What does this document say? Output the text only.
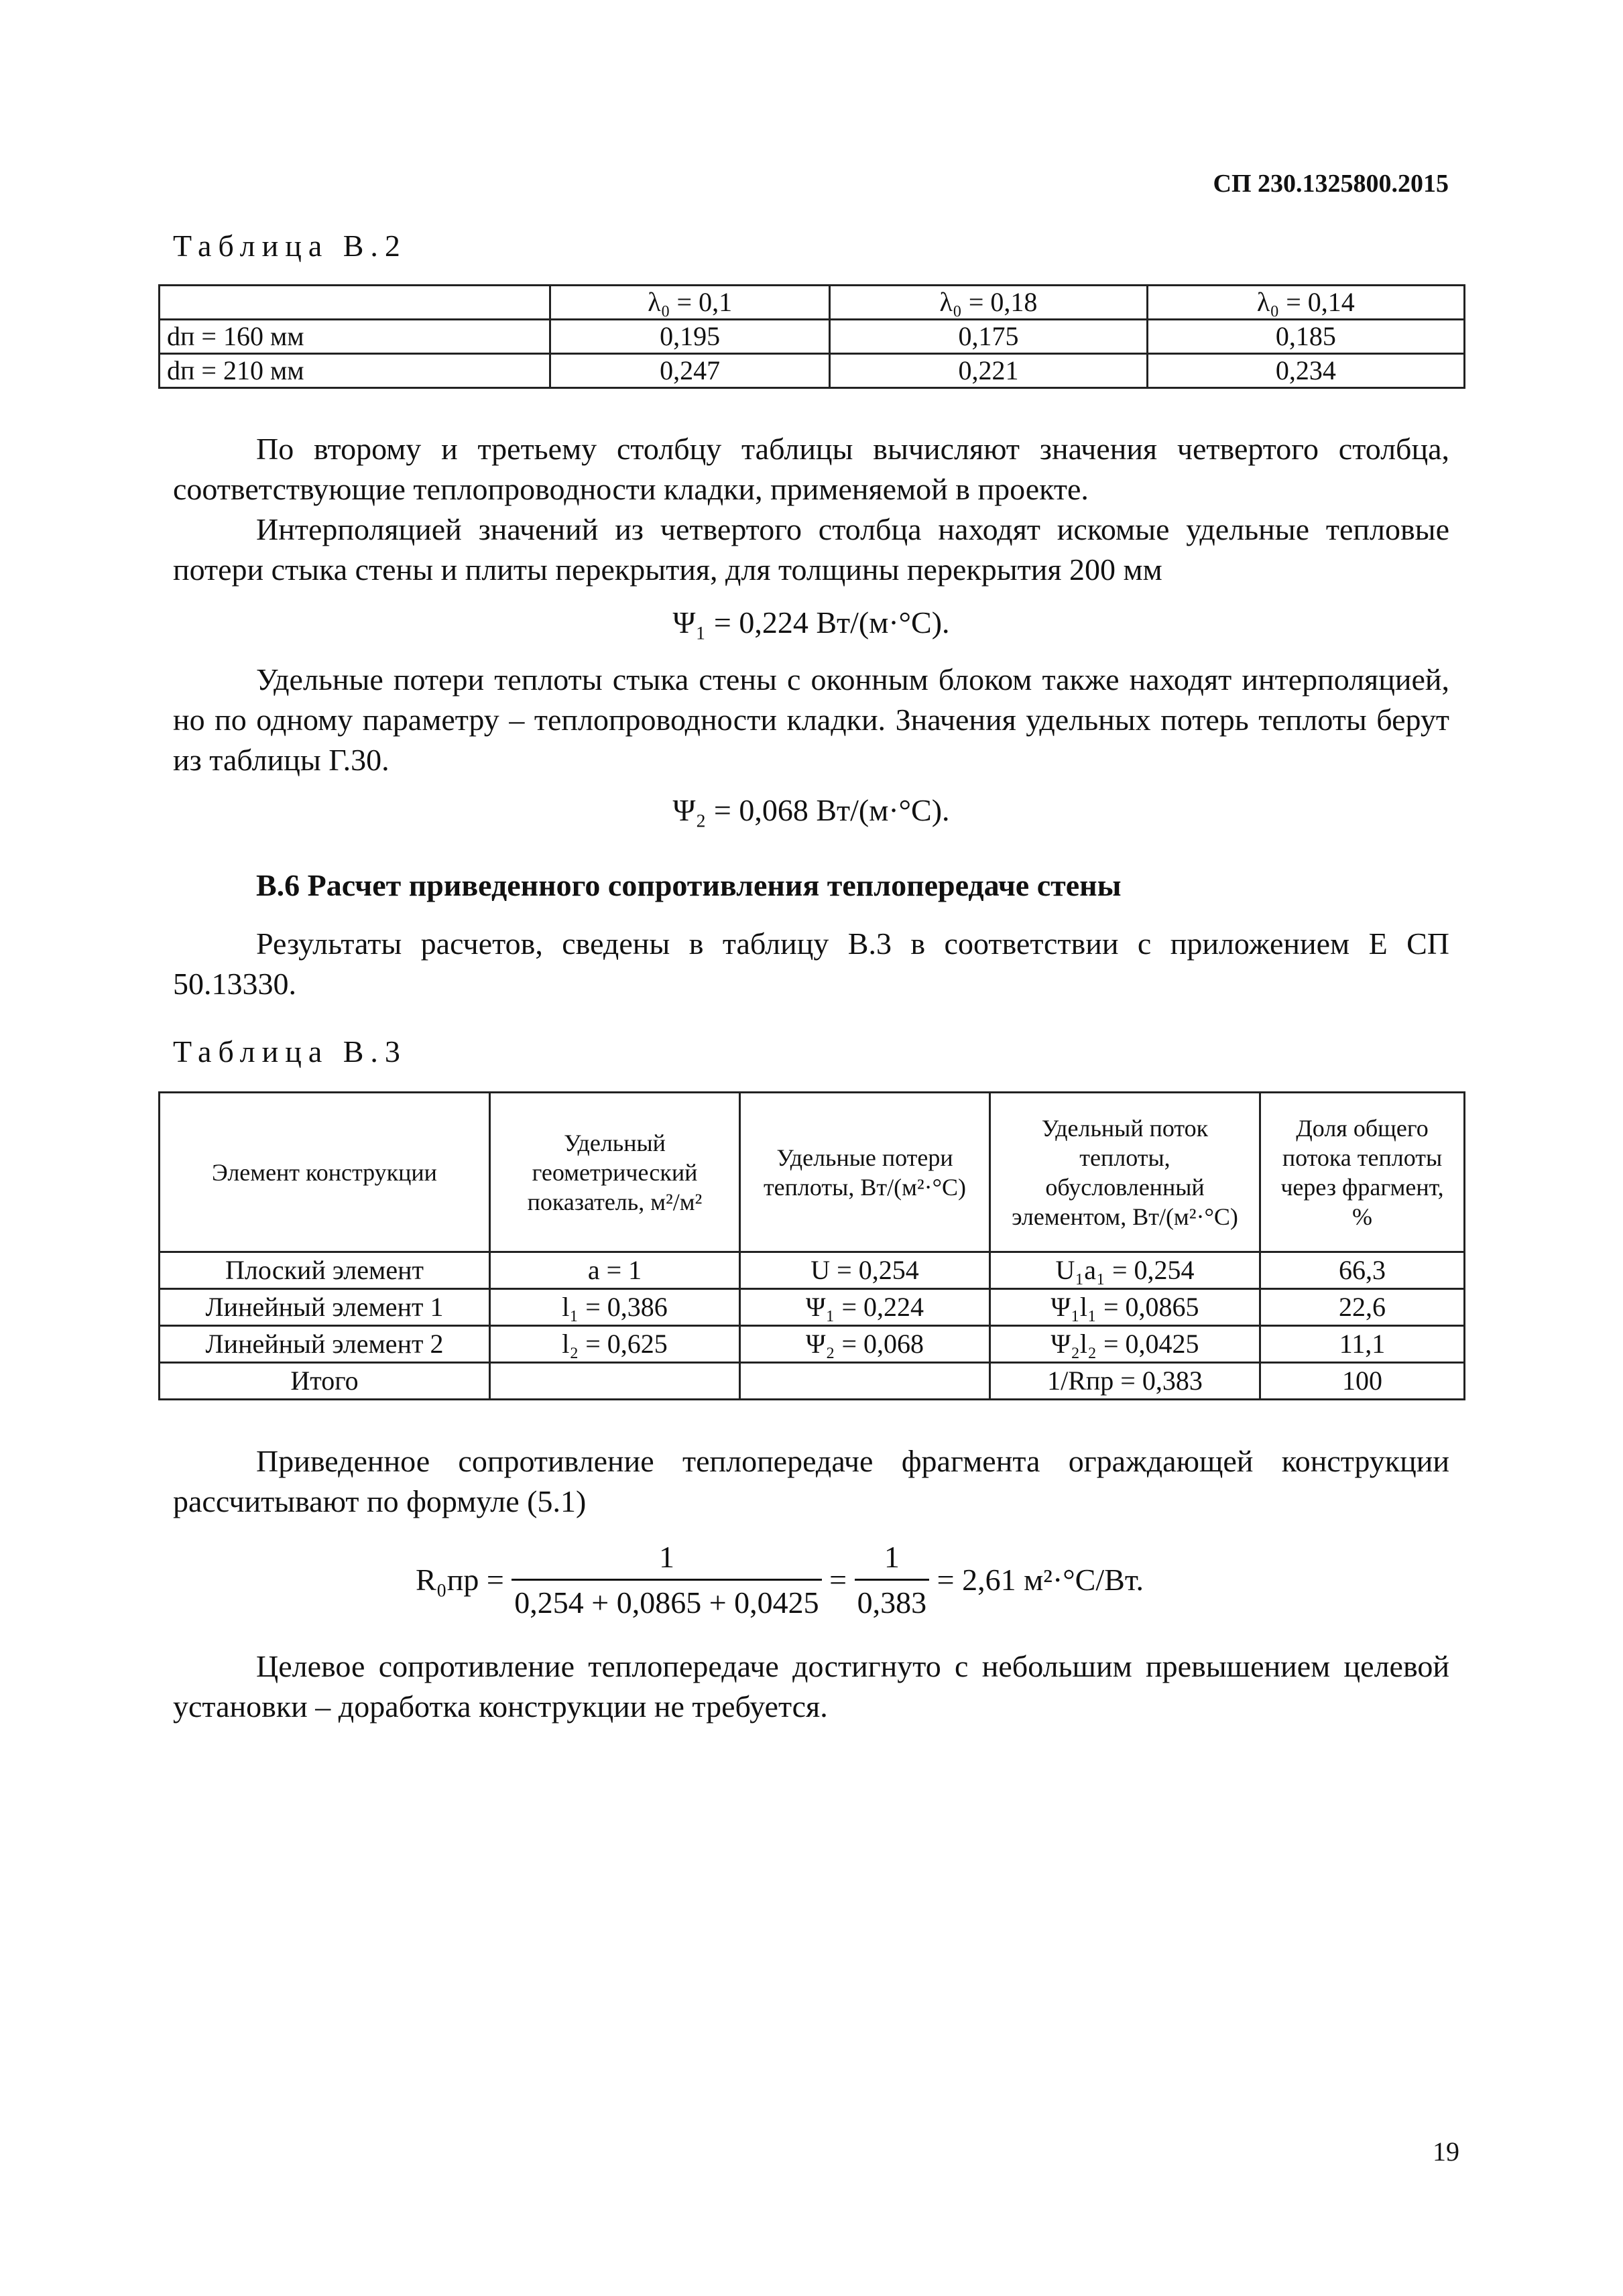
СП 230.1325800.2015
Таблица В.2
	λ₀ = 0,1	λ₀ = 0,18	λ₀ = 0,14
dп = 160 мм	0,195	0,175	0,185
dп = 210 мм	0,247	0,221	0,234

По второму и третьему столбцу таблицы вычисляют значения четвертого столбца, соответствующие теплопроводности кладки, применяемой в проекте.

Интерполяцией значений из четвертого столбца находят искомые удельные тепловые потери стыка стены и плиты перекрытия, для толщины перекрытия 200 мм

Ψ₁ = 0,224 Вт/(м·°С).

Удельные потери теплоты стыка стены с оконным блоком также находят интерполяцией, но по одному параметру – теплопроводности кладки. Значения удельных потерь теплоты берут из таблицы Г.30.

Ψ₂ = 0,068 Вт/(м·°С).
В.6 Расчет приведенного сопротивления теплопередаче стены

Результаты расчетов, сведены в таблицу В.3 в соответствии с приложением Е СП 50.13330.

Таблица В.3
Элемент конструкции	Удельный геометрический показатель, м²/м²	Удельные потери теплоты, Вт/(м²·°С)	Удельный поток теплоты, обусловленный элементом, Вт/(м²·°С)	Доля общего потока теплоты через фрагмент, %
Плоский элемент	a = 1	U = 0,254	U₁a₁ = 0,254	66,3
Линейный элемент 1	l₁ = 0,386	Ψ₁ = 0,224	Ψ₁l₁ = 0,0865	22,6
Линейный элемент 2	l₂ = 0,625	Ψ₂ = 0,068	Ψ₂l₂ = 0,0425	11,1
Итого			1/Rпр = 0,383	100

Приведенное сопротивление теплопередаче фрагмента ограждающей конструкции рассчитывают по формуле (5.1)

$R_0пр = \frac{1}{0,254 + 0,0865 + 0,0425} = \frac{1}{0,383} = 2,61$ м²·°С/Вт.

Целевое сопротивление теплопередаче достигнуто с небольшим превышением целевой установки – доработка конструкции не требуется.

19
